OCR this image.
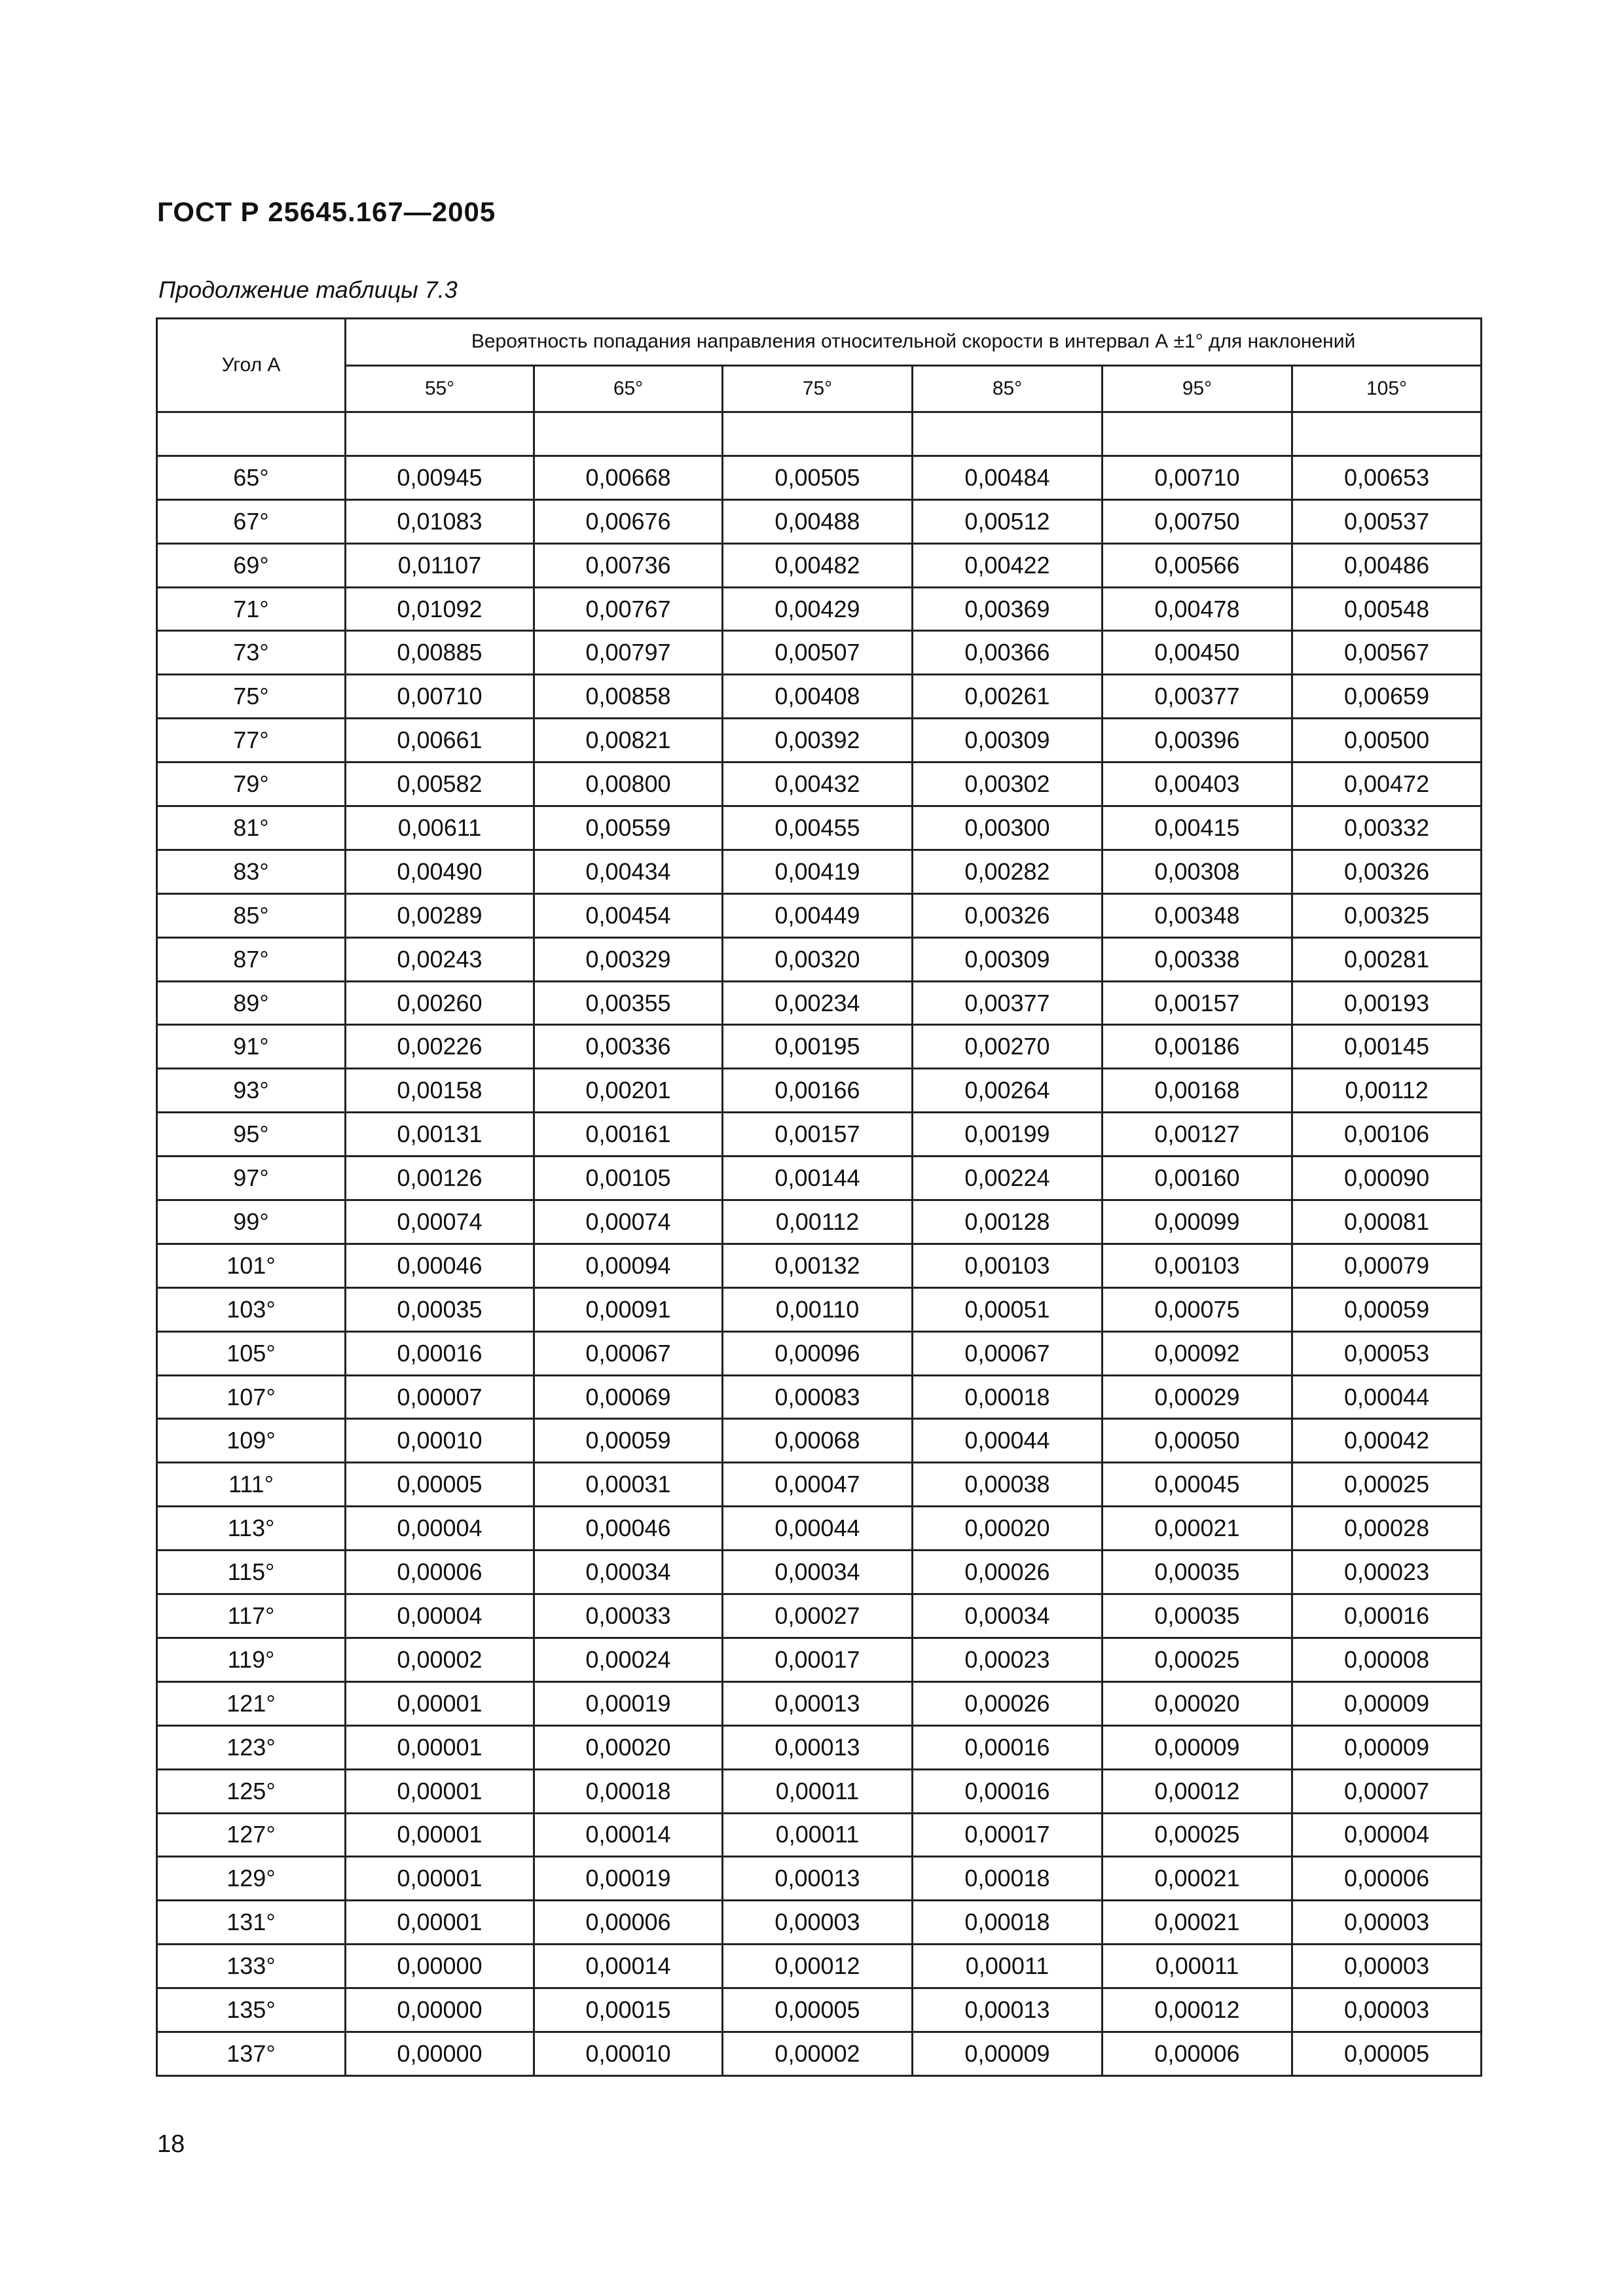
ГОСТ Р 25645.167—2005

Продолжение таблицы 7.3

Угол А	Вероятность попадания направления относительной скорости в интервал А ±1° для наклонений					
	55°	65°	75°	85°	95°	105°

65°	0,00945	0,00668	0,00505	0,00484	0,00710	0,00653
67°	0,01083	0,00676	0,00488	0,00512	0,00750	0,00537
69°	0,01107	0,00736	0,00482	0,00422	0,00566	0,00486
71°	0,01092	0,00767	0,00429	0,00369	0,00478	0,00548
73°	0,00885	0,00797	0,00507	0,00366	0,00450	0,00567
75°	0,00710	0,00858	0,00408	0,00261	0,00377	0,00659
77°	0,00661	0,00821	0,00392	0,00309	0,00396	0,00500
79°	0,00582	0,00800	0,00432	0,00302	0,00403	0,00472
81°	0,00611	0,00559	0,00455	0,00300	0,00415	0,00332
83°	0,00490	0,00434	0,00419	0,00282	0,00308	0,00326
85°	0,00289	0,00454	0,00449	0,00326	0,00348	0,00325
87°	0,00243	0,00329	0,00320	0,00309	0,00338	0,00281
89°	0,00260	0,00355	0,00234	0,00377	0,00157	0,00193
91°	0,00226	0,00336	0,00195	0,00270	0,00186	0,00145
93°	0,00158	0,00201	0,00166	0,00264	0,00168	0,00112
95°	0,00131	0,00161	0,00157	0,00199	0,00127	0,00106
97°	0,00126	0,00105	0,00144	0,00224	0,00160	0,00090
99°	0,00074	0,00074	0,00112	0,00128	0,00099	0,00081
101°	0,00046	0,00094	0,00132	0,00103	0,00103	0,00079
103°	0,00035	0,00091	0,00110	0,00051	0,00075	0,00059
105°	0,00016	0,00067	0,00096	0,00067	0,00092	0,00053
107°	0,00007	0,00069	0,00083	0,00018	0,00029	0,00044
109°	0,00010	0,00059	0,00068	0,00044	0,00050	0,00042
111°	0,00005	0,00031	0,00047	0,00038	0,00045	0,00025
113°	0,00004	0,00046	0,00044	0,00020	0,00021	0,00028
115°	0,00006	0,00034	0,00034	0,00026	0,00035	0,00023
117°	0,00004	0,00033	0,00027	0,00034	0,00035	0,00016
119°	0,00002	0,00024	0,00017	0,00023	0,00025	0,00008
121°	0,00001	0,00019	0,00013	0,00026	0,00020	0,00009
123°	0,00001	0,00020	0,00013	0,00016	0,00009	0,00009
125°	0,00001	0,00018	0,00011	0,00016	0,00012	0,00007
127°	0,00001	0,00014	0,00011	0,00017	0,00025	0,00004
129°	0,00001	0,00019	0,00013	0,00018	0,00021	0,00006
131°	0,00001	0,00006	0,00003	0,00018	0,00021	0,00003
133°	0,00000	0,00014	0,00012	0,00011	0,00011	0,00003
135°	0,00000	0,00015	0,00005	0,00013	0,00012	0,00003
137°	0,00000	0,00010	0,00002	0,00009	0,00006	0,00005

18
